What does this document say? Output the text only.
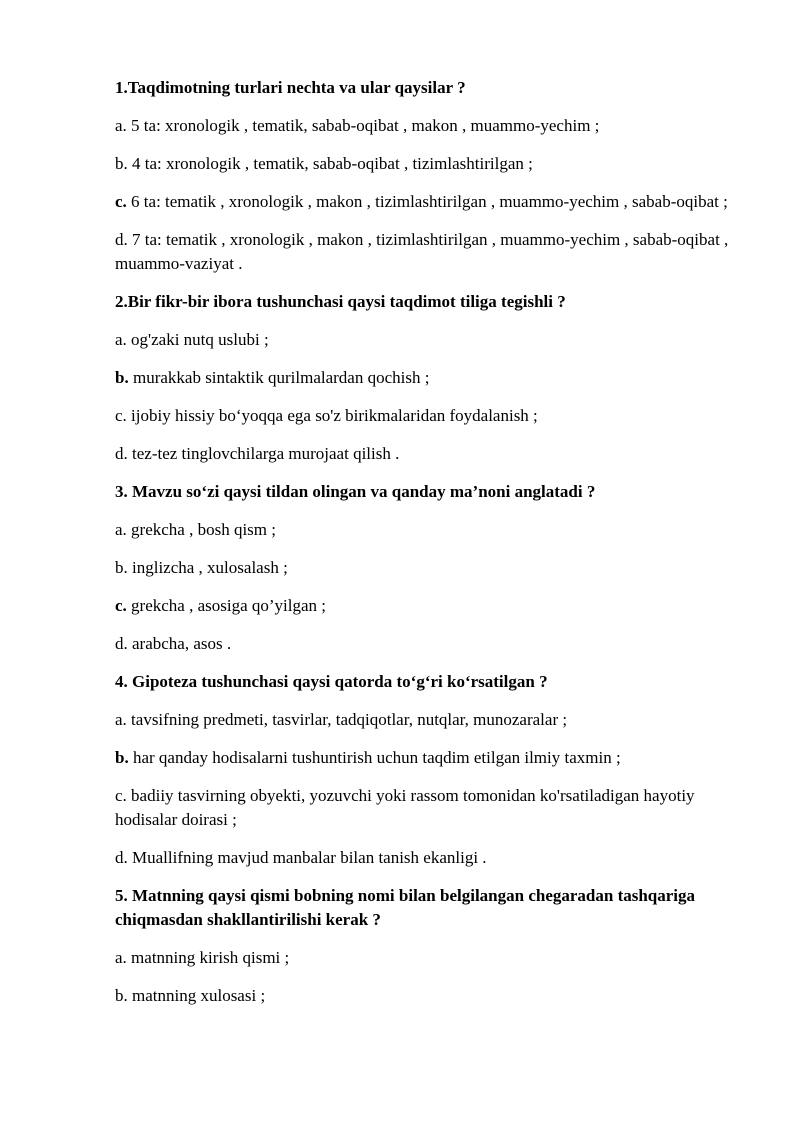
1.Taqdimotning turlari nechta va ular qaysilar ?
a. 5 ta: xronologik , tematik, sabab-oqibat , makon , muammo-yechim ;
b. 4 ta: xronologik , tematik, sabab-oqibat , tizimlashtirilgan ;
c. 6 ta: tematik , xronologik , makon , tizimlashtirilgan , muammo-yechim , sabab-oqibat ;
d. 7 ta: tematik , xronologik , makon , tizimlashtirilgan , muammo-yechim , sabab-oqibat , muammo-vaziyat .
2.Bir fikr-bir ibora tushunchasi qaysi taqdimot tiliga tegishli ?
a. og'zaki nutq uslubi ;
b. murakkab sintaktik qurilmalardan qochish ;
c. ijobiy hissiy bo‘yoqqa ega so'z birikmalaridan foydalanish ;
d. tez-tez tinglovchilarga murojaat qilish .
3. Mavzu so‘zi qaysi tildan olingan va qanday ma’noni anglatadi ?
a. grekcha , bosh qism ;
b. inglizcha , xulosalash ;
c. grekcha , asosiga qo’yilgan ;
d. arabcha, asos .
4. Gipoteza tushunchasi qaysi qatorda to‘g‘ri ko‘rsatilgan ?
a. tavsifning predmeti, tasvirlar, tadqiqotlar, nutqlar, munozaralar ;
b. har qanday hodisalarni tushuntirish uchun taqdim etilgan ilmiy taxmin ;
c. badiiy tasvirning obyekti, yozuvchi yoki rassom tomonidan ko'rsatiladigan hayotiy hodisalar doirasi ;
d. Muallifning mavjud manbalar bilan tanish ekanligi .
5. Matnning qaysi qismi bobning nomi bilan belgilangan chegaradan tashqariga chiqmasdan shakllantirilishi kerak ?
a. matnning kirish qismi ;
b. matnning xulosasi ;
